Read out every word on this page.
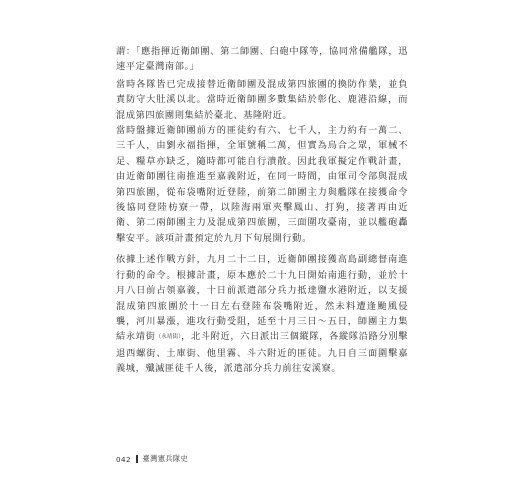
謂：「應指揮近衛師團、第二師團、臼砲中隊等，協同常備艦隊，迅速平定臺灣南部。」

當時各隊皆已完成接替近衛師團及混成第四旅團的換防作業，並負責防守大肚溪以北。當時近衛師團多數集結於彰化、鹿港沿線，而混成第四旅團則集結於臺北、基隆附近。

當時盤據近衛師團前方的匪徒約有六、七千人，主力約有一萬二、三千人，由劉永福指揮，全軍號稱二萬，但實為烏合之眾，軍械不足、糧草亦缺乏，隨時都可能自行潰散。因此我軍擬定作戰計畫，由近衛師團往南推進至嘉義附近，在同一時間，由軍司令部與混成第四旅團，從布袋嘴附近登陸，前第二師團主力與艦隊在接獲命令後協同登陸枋寮一帶，以陸海兩軍夾擊鳳山、打狗，接著再由近衛、第二兩師團主力及混成第四旅團，三面圍攻臺南，並以艦砲轟擊安平。該項計畫預定於九月下旬展開行動。

依據上述作戰方針，九月二十二日，近衛師團接獲高島副總督南進行動的命令。根據計畫，原本應於二十九日開始南進行動，並於十月八日前占領嘉義，十日前派遣部分兵力抵達鹽水港附近，以支援混成第四旅團於十一日左右登陸布袋嘴附近，然未料遭逢颱風侵襲，河川暴漲，進攻行動受阻，延至十月三日～五日，師團主力集結永靖街（永靖街），北斗附近，六日派出三個縱隊，各縱隊沿路分別擊退西螺街、土庫街、他里霧、斗六附近的匪徒。九日自三面圍擊嘉義城，殲滅匪徒千人後，派遣部分兵力前往安溪寮。

042 臺灣憲兵隊史
